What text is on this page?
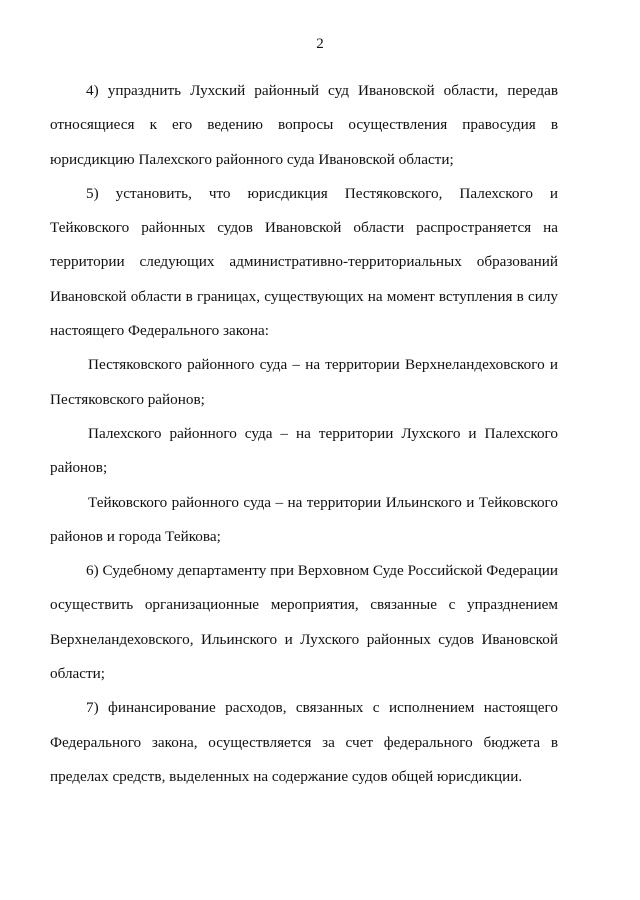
2

4) упразднить Лухский районный суд Ивановской области, передав относящиеся к его ведению вопросы осуществления правосудия в юрисдикцию Палехского районного суда Ивановской области;

5) установить, что юрисдикция Пестяковского, Палехского и Тейковского районных судов Ивановской области распространяется на территории следующих административно-территориальных образований Ивановской области в границах, существующих на момент вступления в силу настоящего Федерального закона:

Пестяковского районного суда – на территории Верхнеландеховского и Пестяковского районов;

Палехского районного суда – на территории Лухского и Палехского районов;

Тейковского районного суда – на территории Ильинского и Тейковского районов и города Тейкова;

6) Судебному департаменту при Верховном Суде Российской Федерации осуществить организационные мероприятия, связанные с упразднением Верхнеландеховского, Ильинского и Лухского районных судов Ивановской области;

7) финансирование расходов, связанных с исполнением настоящего Федерального закона, осуществляется за счет федерального бюджета в пределах средств, выделенных на содержание судов общей юрисдикции.
